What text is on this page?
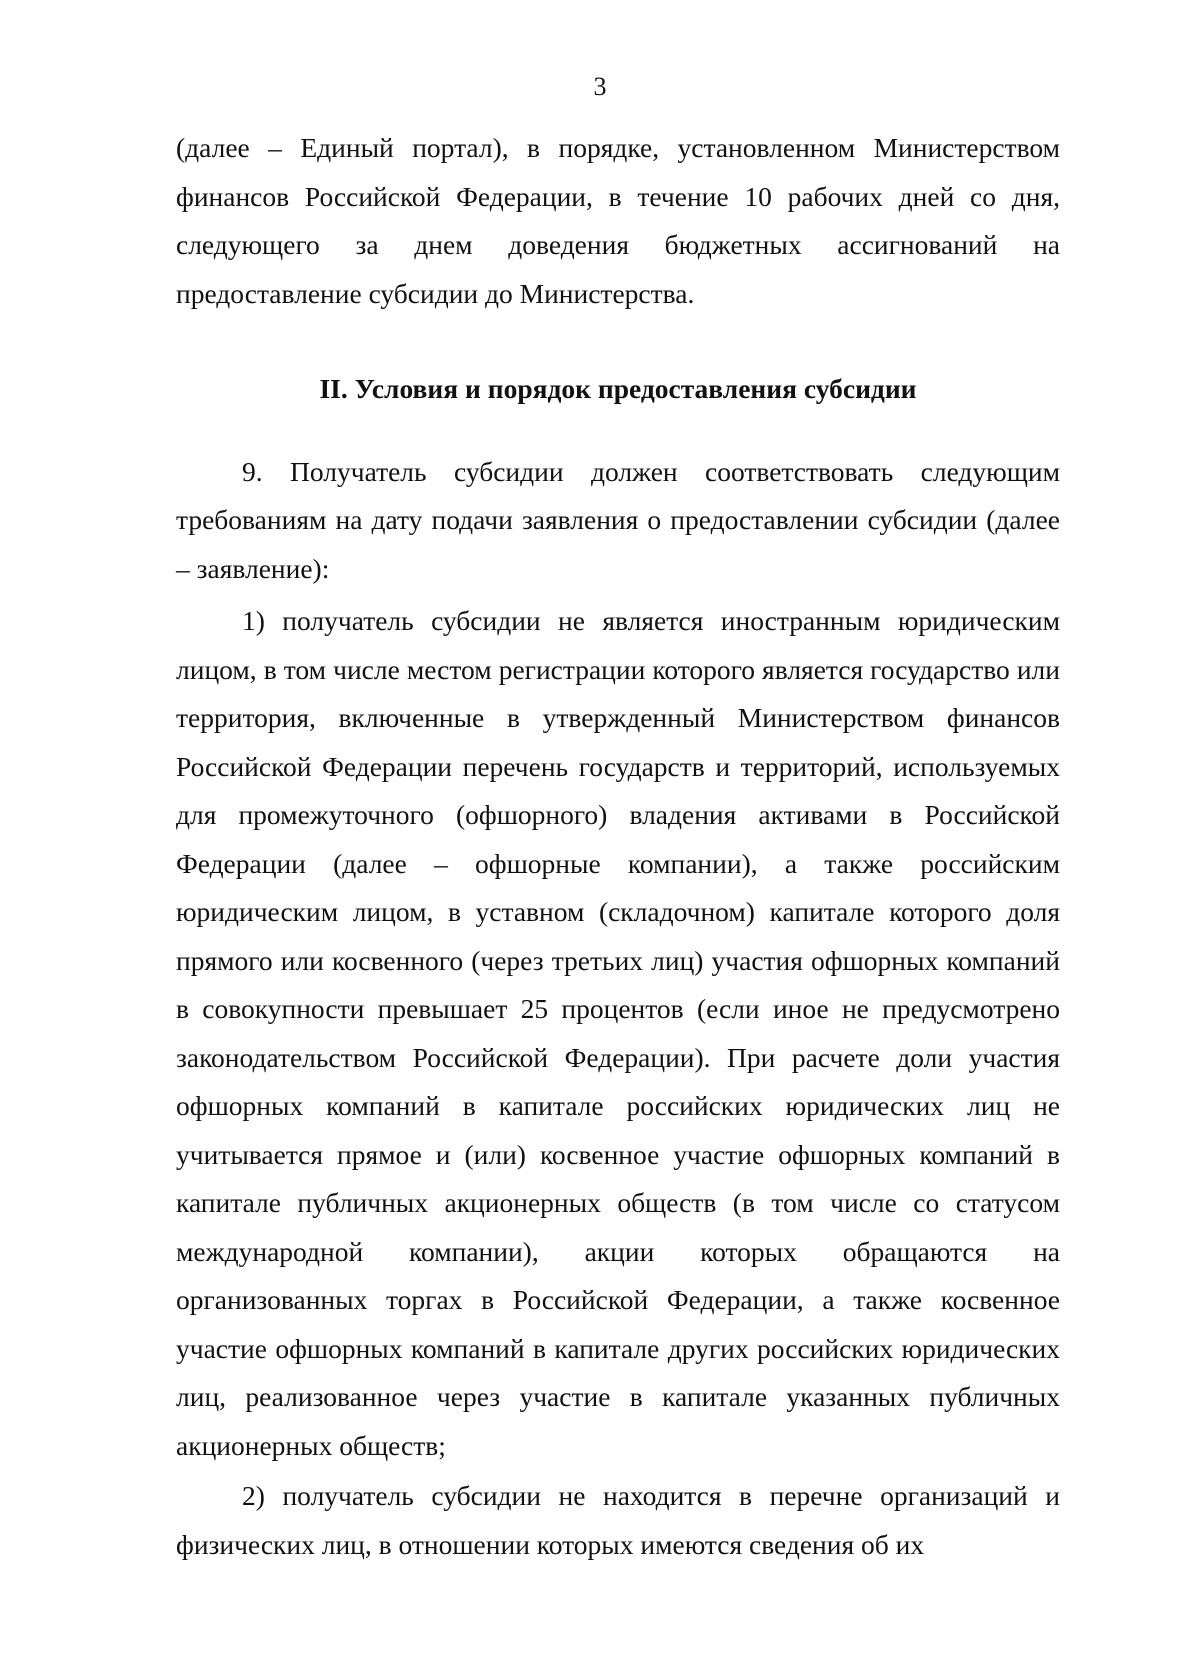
3

(далее – Единый портал), в порядке, установленном Министерством финансов Российской Федерации, в течение 10 рабочих дней со дня, следующего за днем доведения бюджетных ассигнований на предоставление субсидии до Министерства.

II. Условия и порядок предоставления субсидии

9. Получатель субсидии должен соответствовать следующим требованиям на дату подачи заявления о предоставлении субсидии (далее – заявление):

1) получатель субсидии не является иностранным юридическим лицом, в том числе местом регистрации которого является государство или территория, включенные в утвержденный Министерством финансов Российской Федерации перечень государств и территорий, используемых для промежуточного (офшорного) владения активами в Российской Федерации (далее – офшорные компании), а также российским юридическим лицом, в уставном (складочном) капитале которого доля прямого или косвенного (через третьих лиц) участия офшорных компаний в совокупности превышает 25 процентов (если иное не предусмотрено законодательством Российской Федерации). При расчете доли участия офшорных компаний в капитале российских юридических лиц не учитывается прямое и (или) косвенное участие офшорных компаний в капитале публичных акционерных обществ (в том числе со статусом международной компании), акции которых обращаются на организованных торгах в Российской Федерации, а также косвенное участие офшорных компаний в капитале других российских юридических лиц, реализованное через участие в капитале указанных публичных акционерных обществ;

2) получатель субсидии не находится в перечне организаций и физических лиц, в отношении которых имеются сведения об их
